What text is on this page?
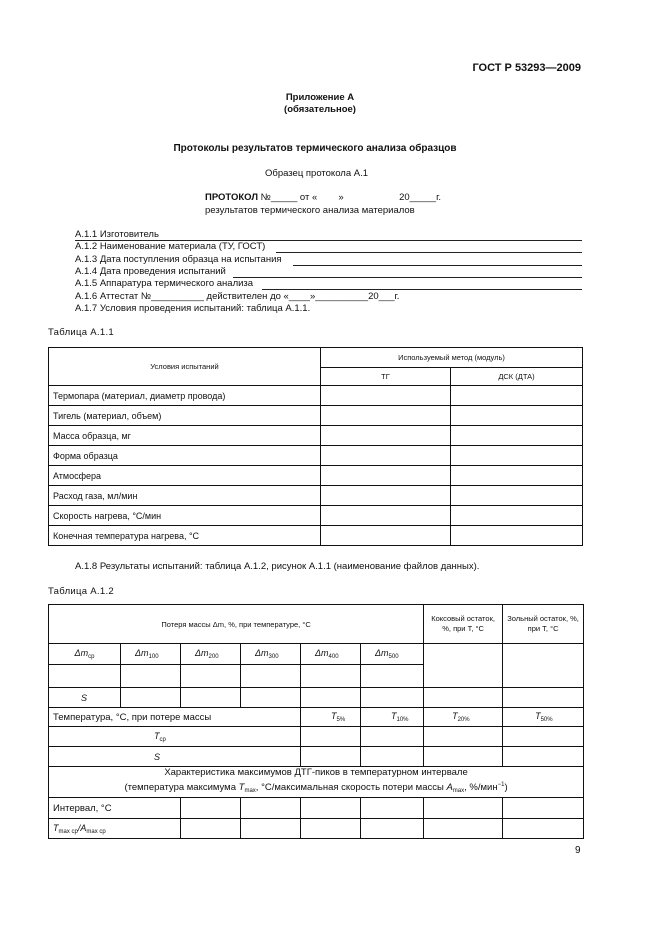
ГОСТ Р 53293—2009
Приложение А
(обязательное)
Протоколы результатов термического анализа образцов
Образец протокола А.1
ПРОТОКОЛ №_____ от «        »                     20_____г.
результатов термического анализа материалов
А.1.1 Изготовитель
А.1.2 Наименование материала (ТУ, ГОСТ)
А.1.3 Дата поступления образца на испытания
А.1.4 Дата проведения испытаний
А.1.5 Аппаратура термического анализа
А.1.6 Аттестат №__________ действителен до «____»__________20___г.
А.1.7 Условия проведения испытаний: таблица А.1.1.
Таблица А.1.1
Условия испытаний	Используемый метод (модуль)	
	ТГ	ДСК (ДТА)
Термопара (материал, диаметр провода)		
Тигель (материал, объем)		
Масса образца, мг		
Форма образца		
Атмосфера		
Расход газа, мл/мин		
Скорость нагрева, °С/мин		
Конечная температура нагрева, °С		
А.1.8 Результаты испытаний: таблица А.1.2, рисунок А.1.1 (наименование файлов данных).
Таблица А.1.2
Потеря массы Δm, %, при температуре, °С						Коксовый остаток, %, при Т, °С	Зольный остаток, %, при Т, °С
$\Delta m_{ср}$	$\Delta m_{100}$	$\Delta m_{200}$	$\Delta m_{300}$	$\Delta m_{400}$	$\Delta m_{500}$		

S							
Температура, °С, при потере массы				$T_{5\%}$	$T_{10\%}$	$T_{20\%}$	$T_{50\%}$
$T_{ср}$				
S							
Характеристика максимумов ДТГ-пиков в температурном интервале
(температура максимума $T_{max}$, °С/максимальная скорость потери массы $A_{max}$, %/мин$^{-1}$)							
Интервал, °С							
$T_{max ср}/A_{max ср}$						
9
